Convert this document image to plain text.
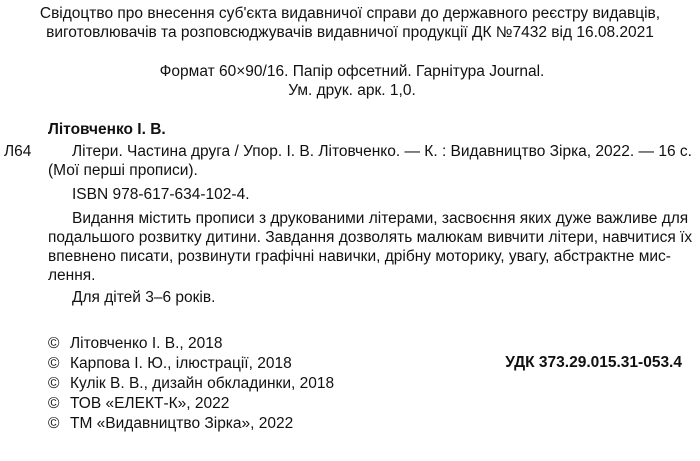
Свідоцтво про внесення суб'єкта видавничої справи до державного реєстру видавців,
виготовлювачів та розповсюджувачів видавничої продукції ДК №7432 від 16.08.2021
Формат 60×90/16. Папір офсетний. Гарнітура Journal.
Ум. друк. арк. 1,0.
Літовченко І. В.
Л64	Літери. Частина друга / Упор. І. В. Літовченко. — К. : Видавництво Зірка, 2022. — 16 с.
(Мої перші прописи).
ISBN 978-617-634-102-4.
Видання містить прописи з друкованими літерами, засвоєння яких дуже важливе для
подальшого розвитку дитини. Завдання дозволять малюкам вивчити літери, навчитися їх
впевнено писати, розвинути графічні навички, дрібну моторику, увагу, абстрактне мис-
лення.
Для дітей 3–6 років.
УДК 373.29.015.31-053.4
© Літовченко І. В., 2018
© Карпова І. Ю., ілюстрації, 2018
© Кулік В. В., дизайн обкладинки, 2018
© ТОВ «ЕЛЕКТ-К», 2022
© ТМ «Видавництво Зірка», 2022
